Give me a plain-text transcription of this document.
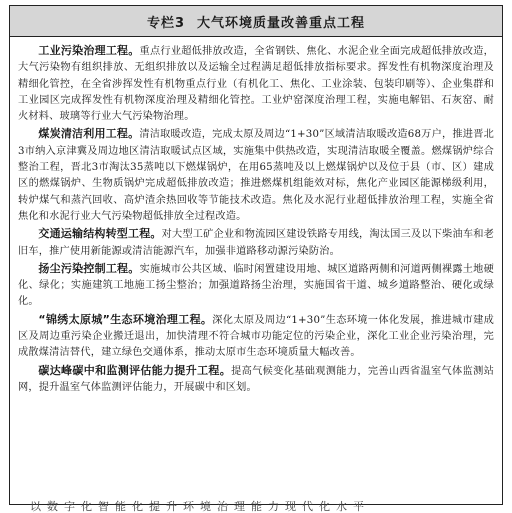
专栏3 大气环境质量改善重点工程

工业污染治理工程。重点行业超低排放改造，全省钢铁、焦化、水泥企业全面完成超低排放改造，大气污染物有组织排放、无组织排放以及运输全过程满足超低排放指标要求。挥发性有机物深度治理及精细化管控，在全省涉挥发性有机物重点行业（有机化工、焦化、工业涂装、包装印刷等）、企业集群和工业园区完成挥发性有机物深度治理及精细化管控。工业炉窑深度治理工程，实施电解铝、石灰窑、耐火材料、玻璃等行业大气污染物治理。

煤炭清洁利用工程。清洁取暖改造，完成太原及周边“1+30”区域清洁取暖改造68万户，推进晋北3市纳入京津冀及周边地区清洁取暖试点区域，实施集中供热改造，实现清洁取暖全覆盖。燃煤锅炉综合整治工程，晋北3市淘汰35蒸吨以下燃煤锅炉，在用65蒸吨及以上燃煤锅炉以及位于县（市、区）建成区的燃煤锅炉、生物质锅炉完成超低排放改造；推进燃煤机组能效对标，焦化产业园区能源梯级利用，转炉煤气和蒸汽回收、高炉渣余热回收等节能技术改造。焦化及水泥行业超低排放治理工程，实施全省焦化和水泥行业大气污染物超低排放全过程改造。

交通运输结构转型工程。对大型工矿企业和物流园区建设铁路专用线，淘汰国三及以下柴油车和老旧车，推广使用新能源或清洁能源汽车，加强非道路移动源污染防治。

扬尘污染控制工程。实施城市公共区域、临时闲置建设用地、城区道路两侧和河道两侧裸露土地硬化、绿化；实施建筑工地施工扬尘整治；加强道路扬尘治理，实施国省干道、城乡道路整治、硬化或绿化。

“锦绣太原城”生态环境治理工程。深化太原及周边“1+30”生态环境一体化发展，推进城市建成区及周边重污染企业搬迁退出，加快清理不符合城市功能定位的污染企业，深化工业企业污染治理，完成散煤清洁替代，建立绿色交通体系，推动太原市生态环境质量大幅改善。

碳达峰碳中和监测评估能力提升工程。提高气候变化基础观测能力，完善山西省温室气体监测站网，提升温室气体监测评估能力，开展碳中和区划。

以数字化智能化提升环境治理能力现代化水平
